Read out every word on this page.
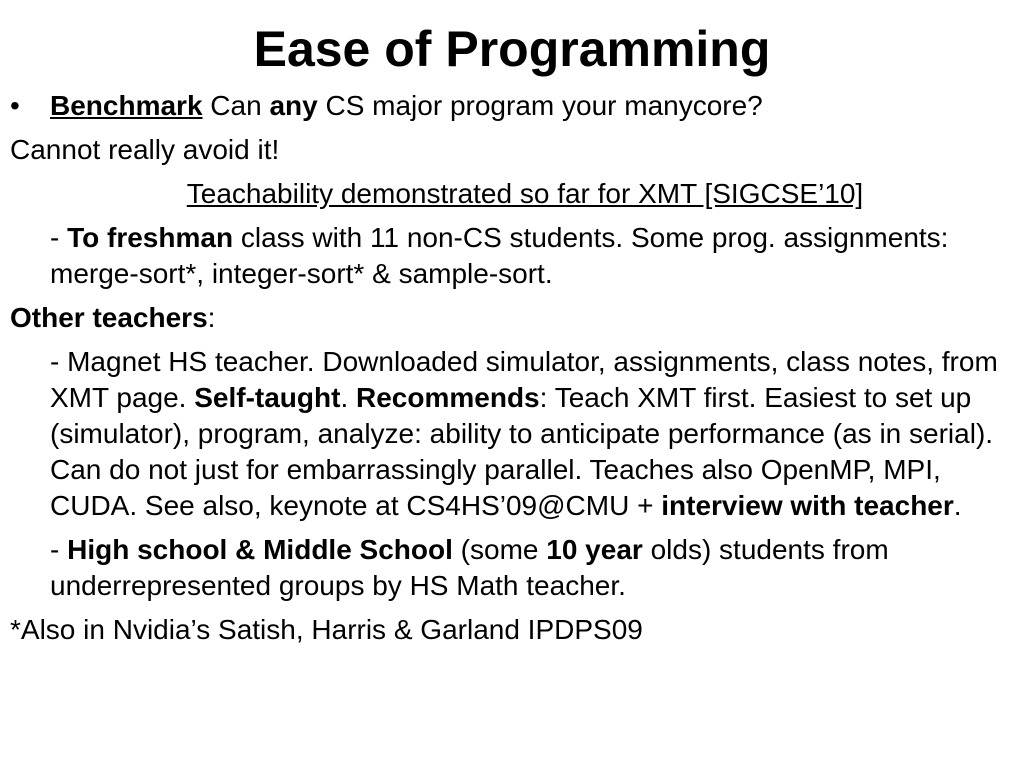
Ease of Programming
• Benchmark Can any CS major program your manycore?
Cannot really avoid it!
Teachability demonstrated so far for XMT [SIGCSE’10]
- To freshman class with 11 non-CS students. Some prog. assignments: merge-sort*, integer-sort* & sample-sort.
Other teachers:
- Magnet HS teacher. Downloaded simulator, assignments, class notes, from XMT page. Self-taught. Recommends: Teach XMT first. Easiest to set up (simulator), program, analyze: ability to anticipate performance (as in serial). Can do not just for embarrassingly parallel. Teaches also OpenMP, MPI, CUDA. See also, keynote at CS4HS’09@CMU + interview with teacher.
- High school & Middle School (some 10 year olds) students from underrepresented groups by HS Math teacher.
*Also in Nvidia’s Satish, Harris & Garland IPDPS09
